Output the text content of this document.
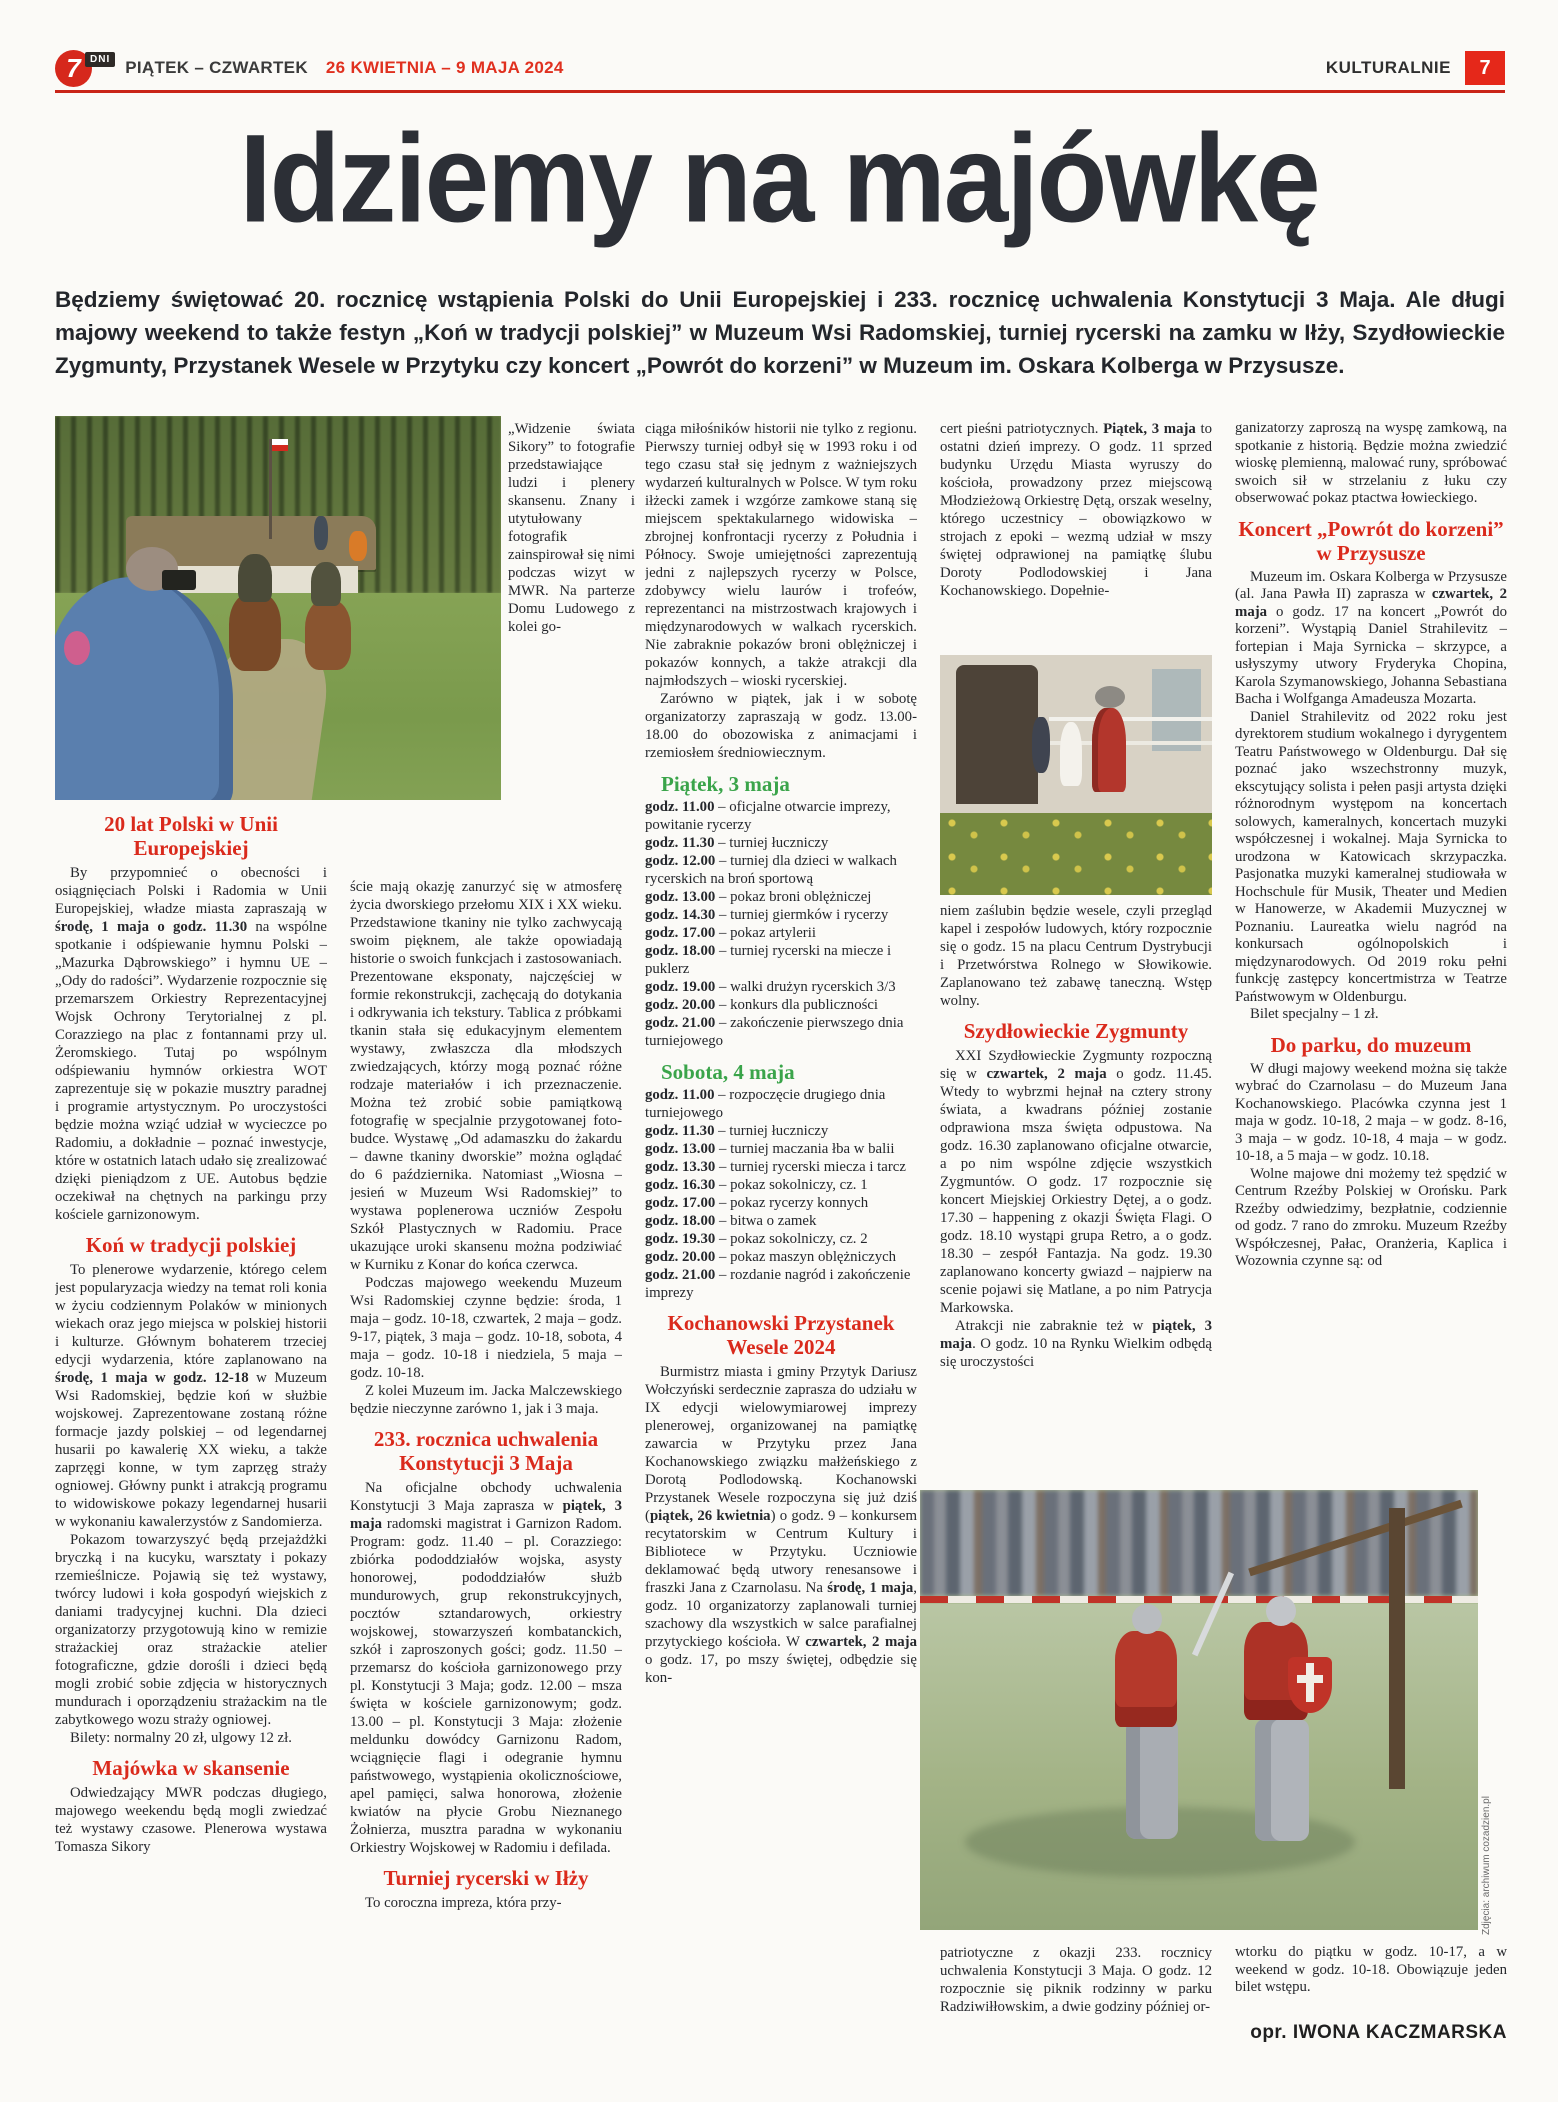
7 DNI PIĄTEK – CZWARTEK 26 KWIETNIA – 9 MAJA 2024	KULTURALNIE	7
Idziemy na majówkę
Będziemy świętować 20. rocznicę wstąpienia Polski do Unii Europejskiej i 233. rocznicę uchwalenia Konstytucji 3 Maja. Ale długi majowy weekend to także festyn „Koń w tradycji polskiej” w Muzeum Wsi Radomskiej, turniej rycerski na zamku w Iłży, Szydłowieckie Zygmunty, Przystanek Wesele w Przytyku czy koncert „Powrót do korzeni” w Muzeum im. Oskara Kolberga w Przysusze.

„Widzenie świata Sikory” to fotografie przedstawiające ludzi i plenery skansenu. Znany i utytułowany fotografik zainspirował się nimi podczas wizyt w MWR. Na parterze Domu Ludowego z kolei go-

20 lat Polski w Unii Europejskiej

By przypomnieć o obecności i osiągnięciach Polski i Radomia w Unii Europejskiej, władze miasta zapraszają w środę, 1 maja o godz. 11.30 na wspólne spotkanie i odśpiewanie hymnu Polski – „Mazurka Dąbrowskiego” i hymnu UE – „Ody do radości”. Wydarzenie rozpocznie się przemarszem Orkiestry Reprezentacyjnej Wojsk Ochrony Terytorialnej z pl. Corazziego na plac z fontannami przy ul. Żeromskiego. Tutaj po wspólnym odśpiewaniu hymnów orkiestra WOT zaprezentuje się w pokazie musztry paradnej i programie artystycznym. Po uroczystości będzie można wziąć udział w wycieczce po Radomiu, a dokładnie – poznać inwestycje, które w ostatnich latach udało się zrealizować dzięki pieniądzom z UE. Autobus będzie oczekiwał na chętnych na parkingu przy kościele garnizonowym.

Koń w tradycji polskiej

To plenerowe wydarzenie, którego celem jest popularyzacja wiedzy na temat roli konia w życiu codziennym Polaków w minionych wiekach oraz jego miejsca w polskiej historii i kulturze. Głównym bohaterem trzeciej edycji wydarzenia, które zaplanowano na środę, 1 maja w godz. 12-18 w Muzeum Wsi Radomskiej, będzie koń w służbie wojskowej. Zaprezentowane zostaną różne formacje jazdy polskiej – od legendarnej husarii po kawalerię XX wieku, a także zaprzęgi konne, w tym zaprzęg straży ogniowej. Główny punkt i atrakcją programu to widowiskowe pokazy legendarnej husarii w wykonaniu kawalerzystów z Sandomierza.

Pokazom towarzyszyć będą przejażdżki bryczką i na kucyku, warsztaty i pokazy rzemieślnicze. Pojawią się też wystawy, twórcy ludowi i koła gospodyń wiejskich z daniami tradycyjnej kuchni. Dla dzieci organizatorzy przygotowują kino w remizie strażackiej oraz strażackie atelier fotograficzne, gdzie dorośli i dzieci będą mogli zrobić sobie zdjęcia w historycznych mundurach i oporządzeniu strażackim na tle zabytkowego wozu straży ogniowej.

Bilety: normalny 20 zł, ulgowy 12 zł.

Majówka w skansenie

Odwiedzający MWR podczas długiego, majowego weekendu będą mogli zwiedzać też wystawy czasowe. Plenerowa wystawa Tomasza Sikory

ście mają okazję zanurzyć się w atmosferę życia dworskiego przełomu XIX i XX wieku. Przedstawione tkaniny nie tylko zachwycają swoim pięknem, ale także opowiadają historie o swoich funkcjach i zastosowaniach. Prezentowane eksponaty, najczęściej w formie rekonstrukcji, zachęcają do dotykania i odkrywania ich tekstury. Tablica z próbkami tkanin stała się edukacyjnym elementem wystawy, zwłaszcza dla młodszych zwiedzających, którzy mogą poznać różne rodzaje materiałów i ich przeznaczenie. Można też zrobić sobie pamiątkową fotografię w specjalnie przygotowanej foto-budce. Wystawę „Od adamaszku do żakardu – dawne tkaniny dworskie” można oglądać do 6 października. Natomiast „Wiosna – jesień w Muzeum Wsi Radomskiej” to wystawa poplenerowa uczniów Zespołu Szkół Plastycznych w Radomiu. Prace ukazujące uroki skansenu można podziwiać w Kurniku z Konar do końca czerwca.

Podczas majowego weekendu Muzeum Wsi Radomskiej czynne będzie: środa, 1 maja – godz. 10-18, czwartek, 2 maja – godz. 9-17, piątek, 3 maja – godz. 10-18, sobota, 4 maja – godz. 10-18 i niedziela, 5 maja – godz. 10-18.

Z kolei Muzeum im. Jacka Malczewskiego będzie nieczynne zarówno 1, jak i 3 maja.

233. rocznica uchwalenia Konstytucji 3 Maja

Na oficjalne obchody uchwalenia Konstytucji 3 Maja zaprasza w piątek, 3 maja radomski magistrat i Garnizon Radom. Program: godz. 11.40 – pl. Corazziego: zbiórka pododdziałów wojska, asysty honorowej, pododdziałów służb mundurowych, grup rekonstrukcyjnych, pocztów sztandarowych, orkiestry wojskowej, stowarzyszeń kombatanckich, szkół i zaproszonych gości; godz. 11.50 – przemarsz do kościoła garnizonowego przy pl. Konstytucji 3 Maja; godz. 12.00 – msza święta w kościele garnizonowym; godz. 13.00 – pl. Konstytucji 3 Maja: złożenie meldunku dowódcy Garnizonu Radom, wciągnięcie flagi i odegranie hymnu państwowego, wystąpienia okolicznościowe, apel pamięci, salwa honorowa, złożenie kwiatów na płycie Grobu Nieznanego Żołnierza, musztra paradna w wykonaniu Orkiestry Wojskowej w Radomiu i defilada.

Turniej rycerski w Iłży

To coroczna impreza, która przy-

ciąga miłośników historii nie tylko z regionu. Pierwszy turniej odbył się w 1993 roku i od tego czasu stał się jednym z ważniejszych wydarzeń kulturalnych w Polsce. W tym roku iłżecki zamek i wzgórze zamkowe staną się miejscem spektakularnego widowiska – zbrojnej konfrontacji rycerzy z Południa i Północy. Swoje umiejętności zaprezentują jedni z najlepszych rycerzy w Polsce, zdobywcy wielu laurów i trofeów, reprezentanci na mistrzostwach krajowych i międzynarodowych w walkach rycerskich. Nie zabraknie pokazów broni oblężniczej i pokazów konnych, a także atrakcji dla najmłodszych – wioski rycerskiej.

Zarówno w piątek, jak i w sobotę organizatorzy zapraszają w godz. 13.00-18.00 do obozowiska z animacjami i rzemiosłem średniowiecznym.

Piątek, 3 maja

godz. 11.00 – oficjalne otwarcie imprezy, powitanie rycerzy

godz. 11.30 – turniej łuczniczy

godz. 12.00 – turniej dla dzieci w walkach rycerskich na broń sportową

godz. 13.00 – pokaz broni oblężniczej

godz. 14.30 – turniej giermków i rycerzy

godz. 17.00 – pokaz artylerii

godz. 18.00 – turniej rycerski na miecze i puklerz

godz. 19.00 – walki drużyn rycerskich 3/3

godz. 20.00 – konkurs dla publiczności

godz. 21.00 – zakończenie pierwszego dnia turniejowego

Sobota, 4 maja

godz. 11.00 – rozpoczęcie drugiego dnia turniejowego

godz. 11.30 – turniej łuczniczy

godz. 13.00 – turniej maczania łba w balii

godz. 13.30 – turniej rycerski miecza i tarcz

godz. 16.30 – pokaz sokolniczy, cz. 1

godz. 17.00 – pokaz rycerzy konnych

godz. 18.00 – bitwa o zamek

godz. 19.30 – pokaz sokolniczy, cz. 2

godz. 20.00 – pokaz maszyn oblężniczych

godz. 21.00 – rozdanie nagród i zakończenie imprezy

Kochanowski Przystanek Wesele 2024

Burmistrz miasta i gminy Przytyk Dariusz Wołczyński serdecznie zaprasza do udziału w IX edycji wielowymiarowej imprezy plenerowej, organizowanej na pamiątkę zawarcia w Przytyku przez Jana Kochanowskiego związku małżeńskiego z Dorotą Podlodowską. Kochanowski Przystanek Wesele rozpoczyna się już dziś (piątek, 26 kwietnia) o godz. 9 – konkursem recytatorskim w Centrum Kultury i Bibliotece w Przytyku. Uczniowie deklamować będą utwory renesansowe i fraszki Jana z Czarnolasu. Na środę, 1 maja, godz. 10 organizatorzy zaplanowali turniej szachowy dla wszystkich w salce parafialnej przytyckiego kościoła. W czwartek, 2 maja o godz. 17, po mszy świętej, odbędzie się kon-

cert pieśni patriotycznych. Piątek, 3 maja to ostatni dzień imprezy. O godz. 11 sprzed budynku Urzędu Miasta wyruszy do kościoła, prowadzony przez miejscową Młodzieżową Orkiestrę Dętą, orszak weselny, którego uczestnicy – obowiązkowo w strojach z epoki – wezmą udział w mszy świętej odprawionej na pamiątkę ślubu Doroty Podlodowskiej i Jana Kochanowskiego. Dopełnie-

niem zaślubin będzie wesele, czyli przegląd kapel i zespołów ludowych, który rozpocznie się o godz. 15 na placu Centrum Dystrybucji i Przetwórstwa Rolnego w Słowikowie. Zaplanowano też zabawę taneczną. Wstęp wolny.

Szydłowieckie Zygmunty

XXI Szydłowieckie Zygmunty rozpoczną się w czwartek, 2 maja o godz. 11.45. Wtedy to wybrzmi hejnał na cztery strony świata, a kwadrans później zostanie odprawiona msza święta odpustowa. Na godz. 16.30 zaplanowano oficjalne otwarcie, a po nim wspólne zdjęcie wszystkich Zygmuntów. O godz. 17 rozpocznie się koncert Miejskiej Orkiestry Dętej, a o godz. 17.30 – happening z okazji Święta Flagi. O godz. 18.10 wystąpi grupa Retro, a o godz. 18.30 – zespół Fantazja. Na godz. 19.30 zaplanowano koncerty gwiazd – najpierw na scenie pojawi się Matlane, a po nim Patrycja Markowska.

Atrakcji nie zabraknie też w piątek, 3 maja. O godz. 10 na Rynku Wielkim odbędą się uroczystości

Zdjęcia: archiwum cozadzien.pl

patriotyczne z okazji 233. rocznicy uchwalenia Konstytucji 3 Maja. O godz. 12 rozpocznie się piknik rodzinny w parku Radziwiłłowskim, a dwie godziny później or-

ganizatorzy zaproszą na wyspę zamkową, na spotkanie z historią. Będzie można zwiedzić wioskę plemienną, malować runy, spróbować swoich sił w strzelaniu z łuku czy obserwować pokaz ptactwa łowieckiego.

Koncert „Powrót do korzeni” w Przysusze

Muzeum im. Oskara Kolberga w Przysusze (al. Jana Pawła II) zaprasza w czwartek, 2 maja o godz. 17 na koncert „Powrót do korzeni”. Wystąpią Daniel Strahilevitz – fortepian i Maja Syrnicka – skrzypce, a usłyszymy utwory Fryderyka Chopina, Karola Szymanowskiego, Johanna Sebastiana Bacha i Wolfganga Amadeusza Mozarta.

Daniel Strahilevitz od 2022 roku jest dyrektorem studium wokalnego i dyrygentem Teatru Państwowego w Oldenburgu. Dał się poznać jako wszechstronny muzyk, ekscytujący solista i pełen pasji artysta dzięki różnorodnym występom na koncertach solowych, kameralnych, koncertach muzyki współczesnej i wokalnej. Maja Syrnicka to urodzona w Katowicach skrzypaczka. Pasjonatka muzyki kameralnej studiowała w Hochschule für Musik, Theater und Medien w Hanowerze, w Akademii Muzycznej w Poznaniu. Laureatka wielu nagród na konkursach ogólnopolskich i międzynarodowych. Od 2019 roku pełni funkcję zastępcy koncertmistrza w Teatrze Państwowym w Oldenburgu.

Bilet specjalny – 1 zł.

Do parku, do muzeum

W długi majowy weekend można się także wybrać do Czarnolasu – do Muzeum Jana Kochanowskiego. Placówka czynna jest 1 maja w godz. 10-18, 2 maja – w godz. 8-16, 3 maja – w godz. 10-18, 4 maja – w godz. 10-18, a 5 maja – w godz. 10.18.

Wolne majowe dni możemy też spędzić w Centrum Rzeźby Polskiej w Orońsku. Park Rzeźby odwiedzimy, bezpłatnie, codziennie od godz. 7 rano do zmroku. Muzeum Rzeźby Współczesnej, Pałac, Oranżeria, Kaplica i Wozownia czynne są: od

wtorku do piątku w godz. 10-17, a w weekend w godz. 10-18. Obowiązuje jeden bilet wstępu.

opr. IWONA KACZMARSKA
